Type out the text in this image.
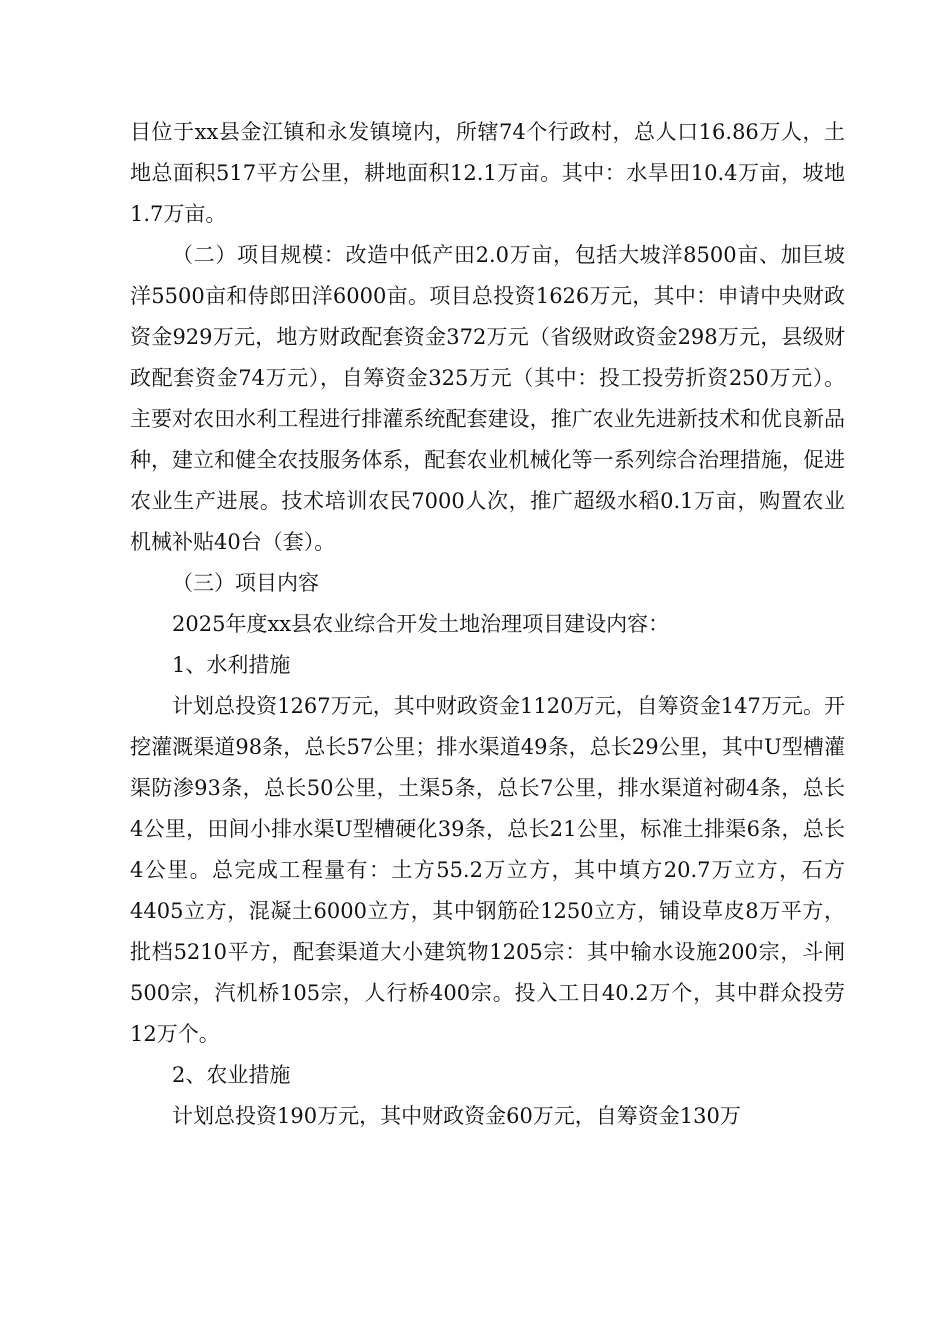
目位于xx县金江镇和永发镇境内，所辖74个行政村，总人口16.86万人，土地总面积517平方公里，耕地面积12.1万亩。其中：水旱田10.4万亩，坡地1.7万亩。

（二）项目规模：改造中低产田2.0万亩，包括大坡洋8500亩、加巨坡洋5500亩和侍郎田洋6000亩。项目总投资1626万元，其中：申请中央财政资金929万元，地方财政配套资金372万元（省级财政资金298万元，县级财政配套资金74万元），自筹资金325万元（其中：投工投劳折资250万元）。主要对农田水利工程进行排灌系统配套建设，推广农业先进新技术和优良新品种，建立和健全农技服务体系，配套农业机械化等一系列综合治理措施，促进农业生产进展。技术培训农民7000人次，推广超级水稻0.1万亩，购置农业机械补贴40台（套）。

（三）项目内容

2025年度xx县农业综合开发土地治理项目建设内容：

1、水利措施

计划总投资1267万元，其中财政资金1120万元，自筹资金147万元。开挖灌溉渠道98条，总长57公里；排水渠道49条，总长29公里，其中U型槽灌渠防渗93条，总长50公里，土渠5条，总长7公里，排水渠道衬砌4条，总长4公里，田间小排水渠U型槽硬化39条，总长21公里，标准土排渠6条，总长4公里。总完成工程量有：土方55.2万立方，其中填方20.7万立方，石方4405立方，混凝土6000立方，其中钢筋砼1250立方，铺设草皮8万平方，批档5210平方，配套渠道大小建筑物1205宗：其中输水设施200宗，斗闸500宗，汽机桥105宗，人行桥400宗。投入工日40.2万个，其中群众投劳12万个。

2、农业措施

计划总投资190万元，其中财政资金60万元，自筹资金130万
